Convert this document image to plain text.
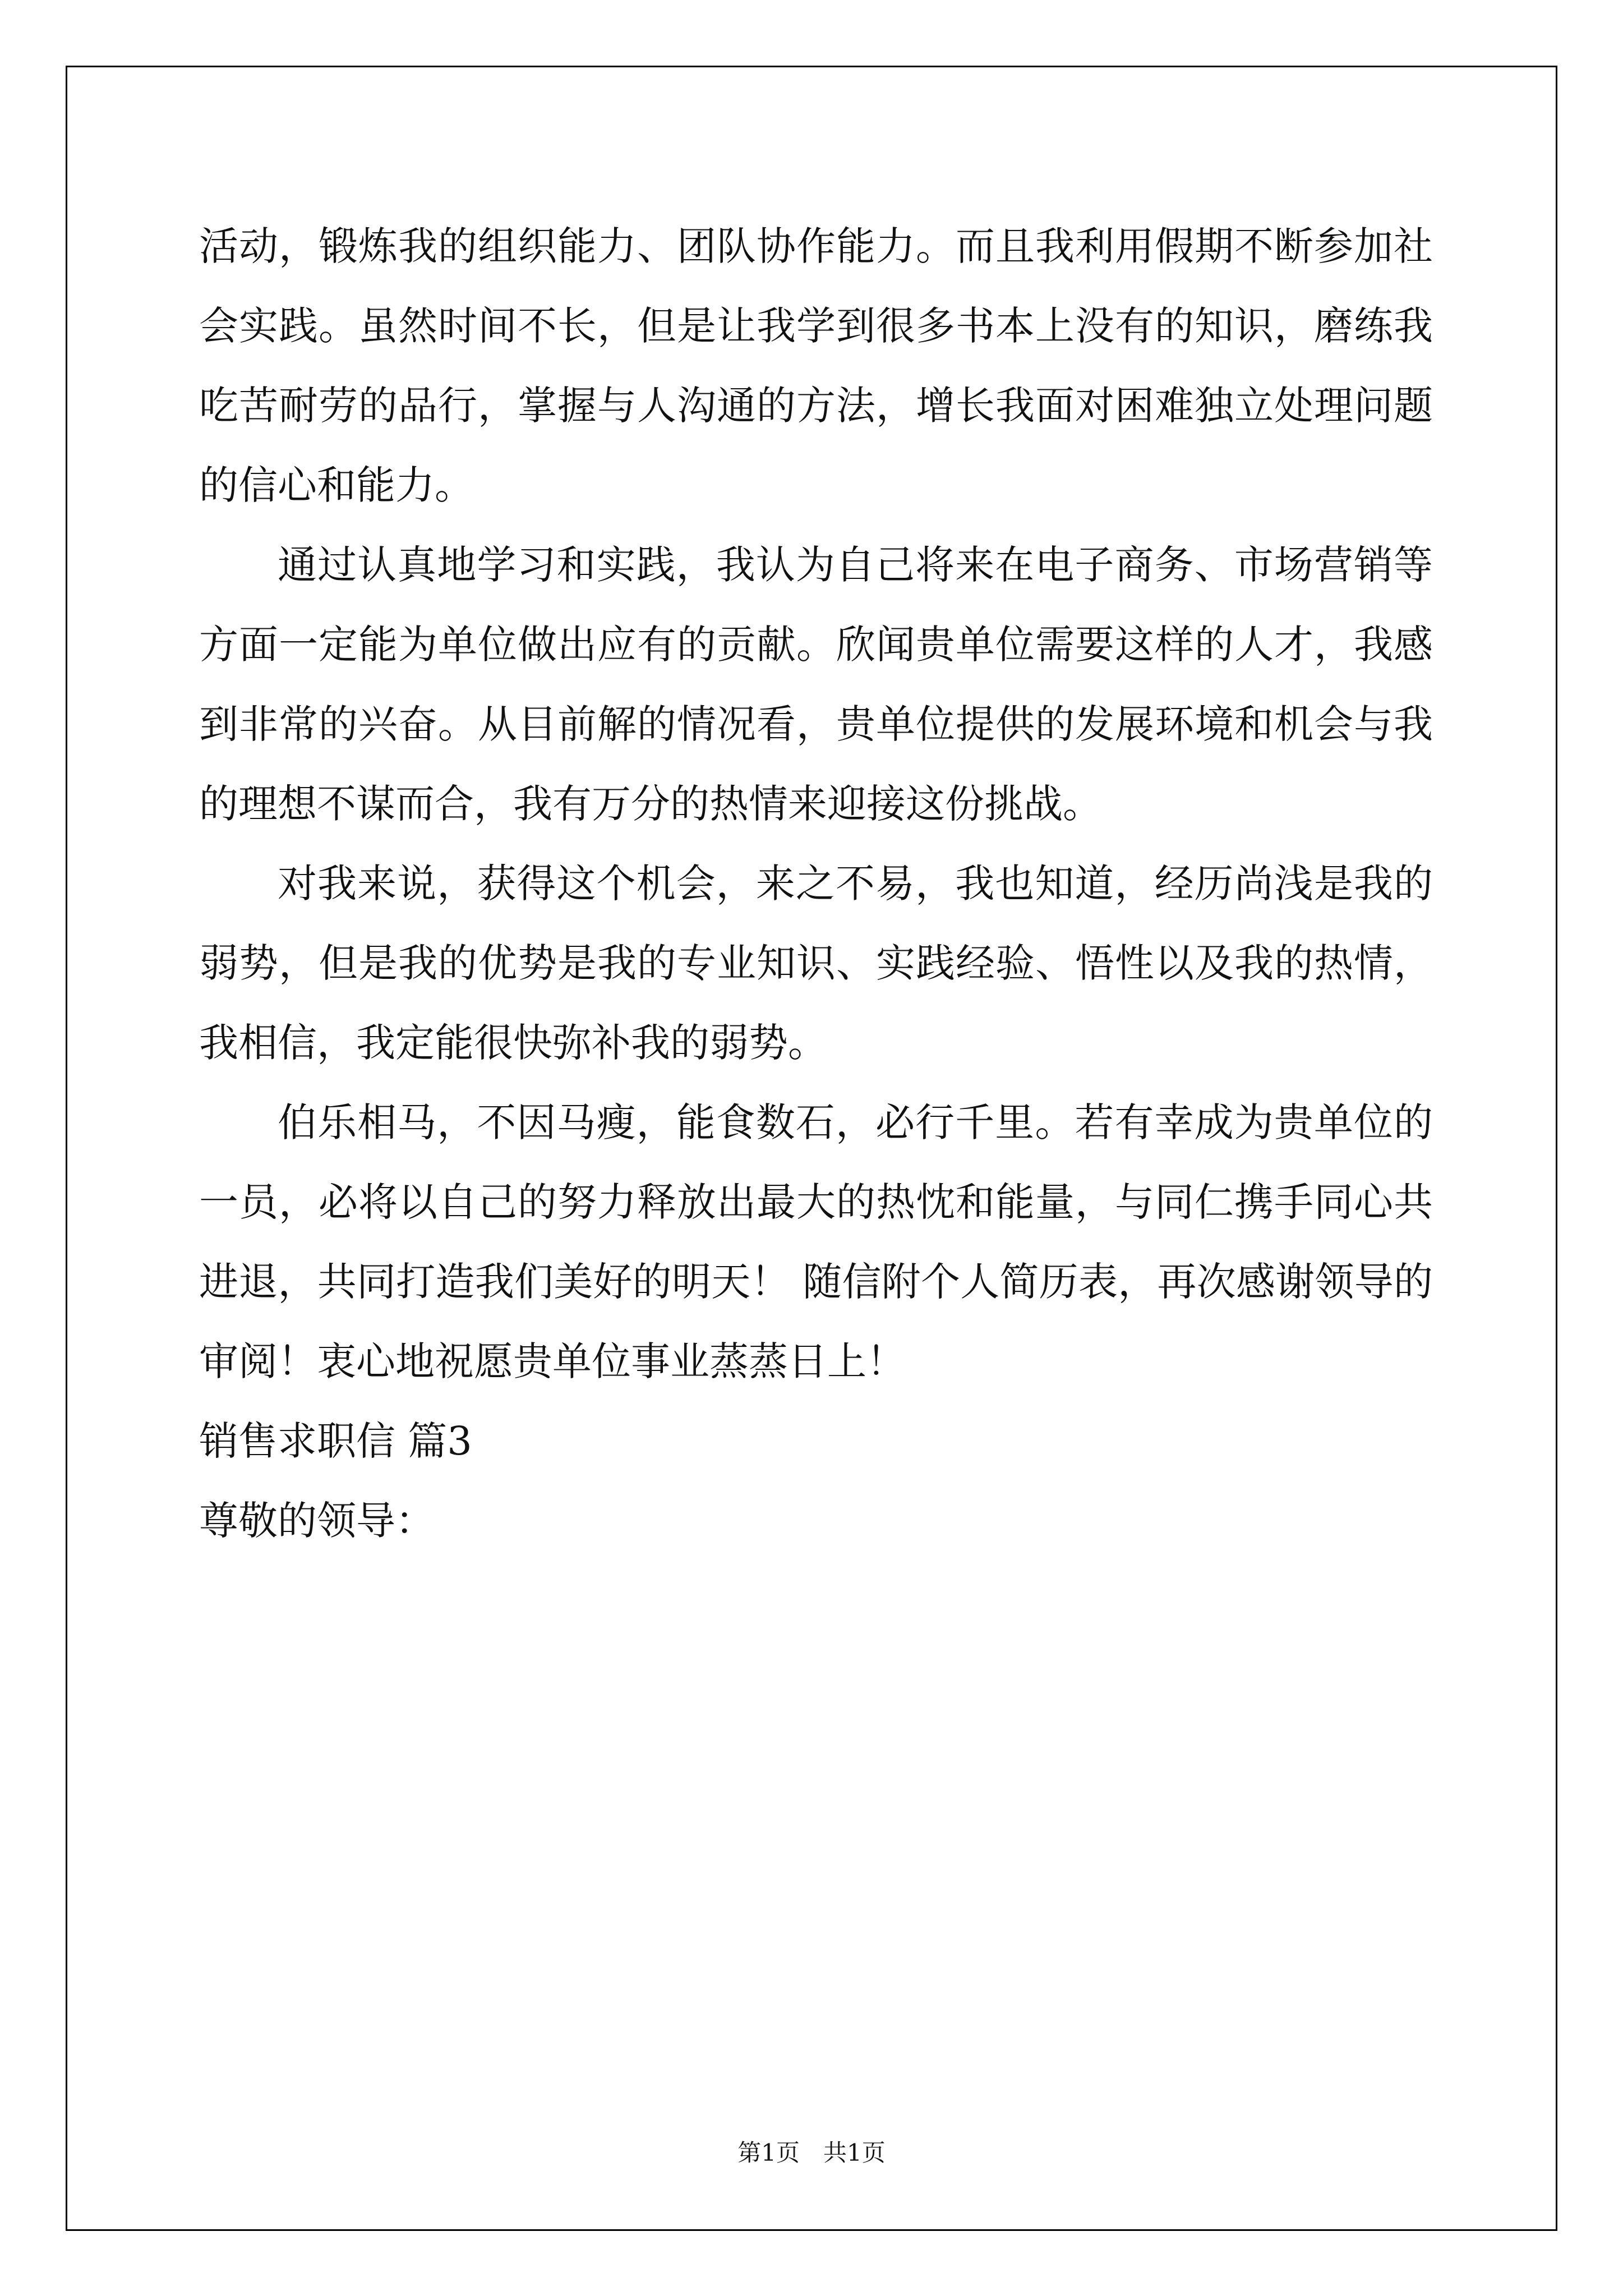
活动，锻炼我的组织能力、团队协作能力。而且我利用假期不断参加社会实践。虽然时间不长，但是让我学到很多书本上没有的知识，磨练我吃苦耐劳的品行，掌握与人沟通的方法，增长我面对困难独立处理问题的信心和能力。

通过认真地学习和实践，我认为自己将来在电子商务、市场营销等方面一定能为单位做出应有的贡献。欣闻贵单位需要这样的人才，我感到非常的兴奋。从目前解的情况看，贵单位提供的发展环境和机会与我的理想不谋而合，我有万分的热情来迎接这份挑战。

对我来说，获得这个机会，来之不易，我也知道，经历尚浅是我的弱势，但是我的优势是我的专业知识、实践经验、悟性以及我的热情，我相信，我定能很快弥补我的弱势。

伯乐相马，不因马瘦，能食数石，必行千里。若有幸成为贵单位的一员，必将以自己的努力释放出最大的热忱和能量，与同仁携手同心共进退，共同打造我们美好的明天！ 随信附个人简历表，再次感谢领导的审阅！衷心地祝愿贵单位事业蒸蒸日上！

销售求职信 篇3

尊敬的领导：

第1页　共1页
